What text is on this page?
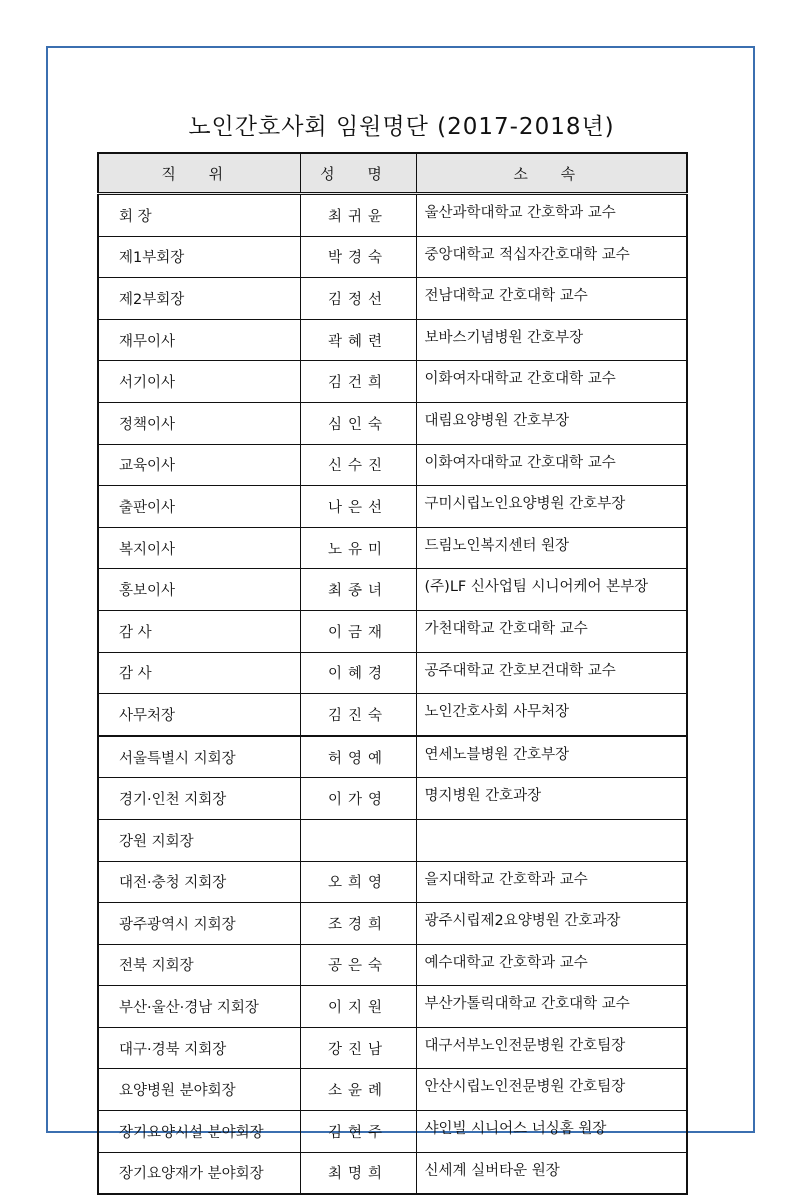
노인간호사회 임원명단 (2017-2018년)
직 위	성 명	소 속
회 장	최귀윤	울산과학대학교 간호학과 교수
제1부회장	박경숙	중앙대학교 적십자간호대학 교수
제2부회장	김정선	전남대학교 간호대학 교수
재무이사	곽혜련	보바스기념병원 간호부장
서기이사	김건희	이화여자대학교 간호대학 교수
정책이사	심인숙	대림요양병원 간호부장
교육이사	신수진	이화여자대학교 간호대학 교수
출판이사	나은선	구미시립노인요양병원 간호부장
복지이사	노유미	드림노인복지센터 원장
홍보이사	최종녀	(주)LF 신사업팀 시니어케어 본부장
감 사	이금재	가천대학교 간호대학 교수
감 사	이혜경	공주대학교 간호보건대학 교수
사무처장	김진숙	노인간호사회 사무처장
서울특별시 지회장	허영예	연세노블병원 간호부장
경기·인천 지회장	이가영	명지병원 간호과장
강원 지회장		
대전·충청 지회장	오희영	을지대학교 간호학과 교수
광주광역시 지회장	조경희	광주시립제2요양병원 간호과장
전북 지회장	공은숙	예수대학교 간호학과 교수
부산·울산·경남 지회장	이지원	부산가톨릭대학교 간호대학 교수
대구·경북 지회장	강진남	대구서부노인전문병원 간호팀장
요양병원 분야회장	소윤례	안산시립노인전문병원 간호팀장
장기요양시설 분야회장	김현주	샤인빌 시니어스 너싱홈 원장
장기요양재가 분야회장	최명희	신세계 실버타운 원장
